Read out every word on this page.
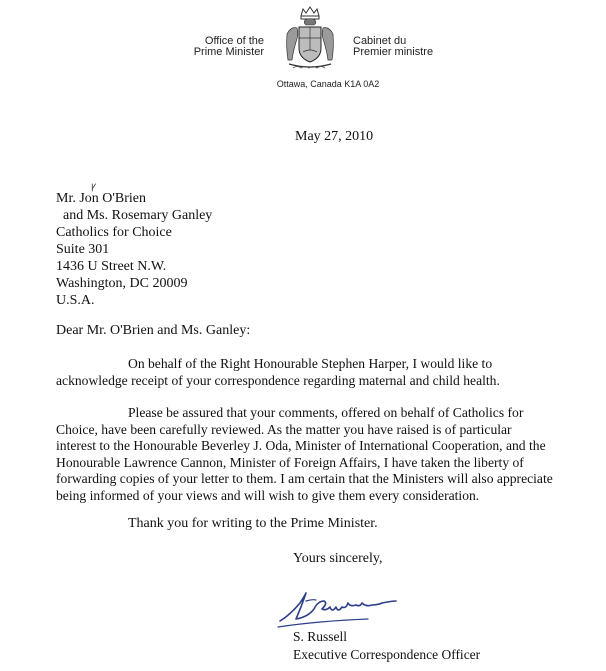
Office of the
Prime Minister
Cabinet du
Premier ministre
Ottawa, Canada K1A 0A2
May 27, 2010
ꝩ
Mr. Jon O'Brien
and Ms. Rosemary Ganley
Catholics for Choice
Suite 301
1436 U Street N.W.
Washington, DC 20009
U.S.A.
Dear Mr. O'Brien and Ms. Ganley:
On behalf of the Right Honourable Stephen Harper, I would like to acknowledge receipt of your correspondence regarding maternal and child health.
Please be assured that your comments, offered on behalf of Catholics for Choice, have been carefully reviewed. As the matter you have raised is of particular interest to the Honourable Beverley J. Oda, Minister of International Cooperation, and the Honourable Lawrence Cannon, Minister of Foreign Affairs, I have taken the liberty of forwarding copies of your letter to them. I am certain that the Ministers will also appreciate being informed of your views and will wish to give them every consideration.
Thank you for writing to the Prime Minister.
Yours sincerely,
S. Russell
Executive Correspondence Officer
